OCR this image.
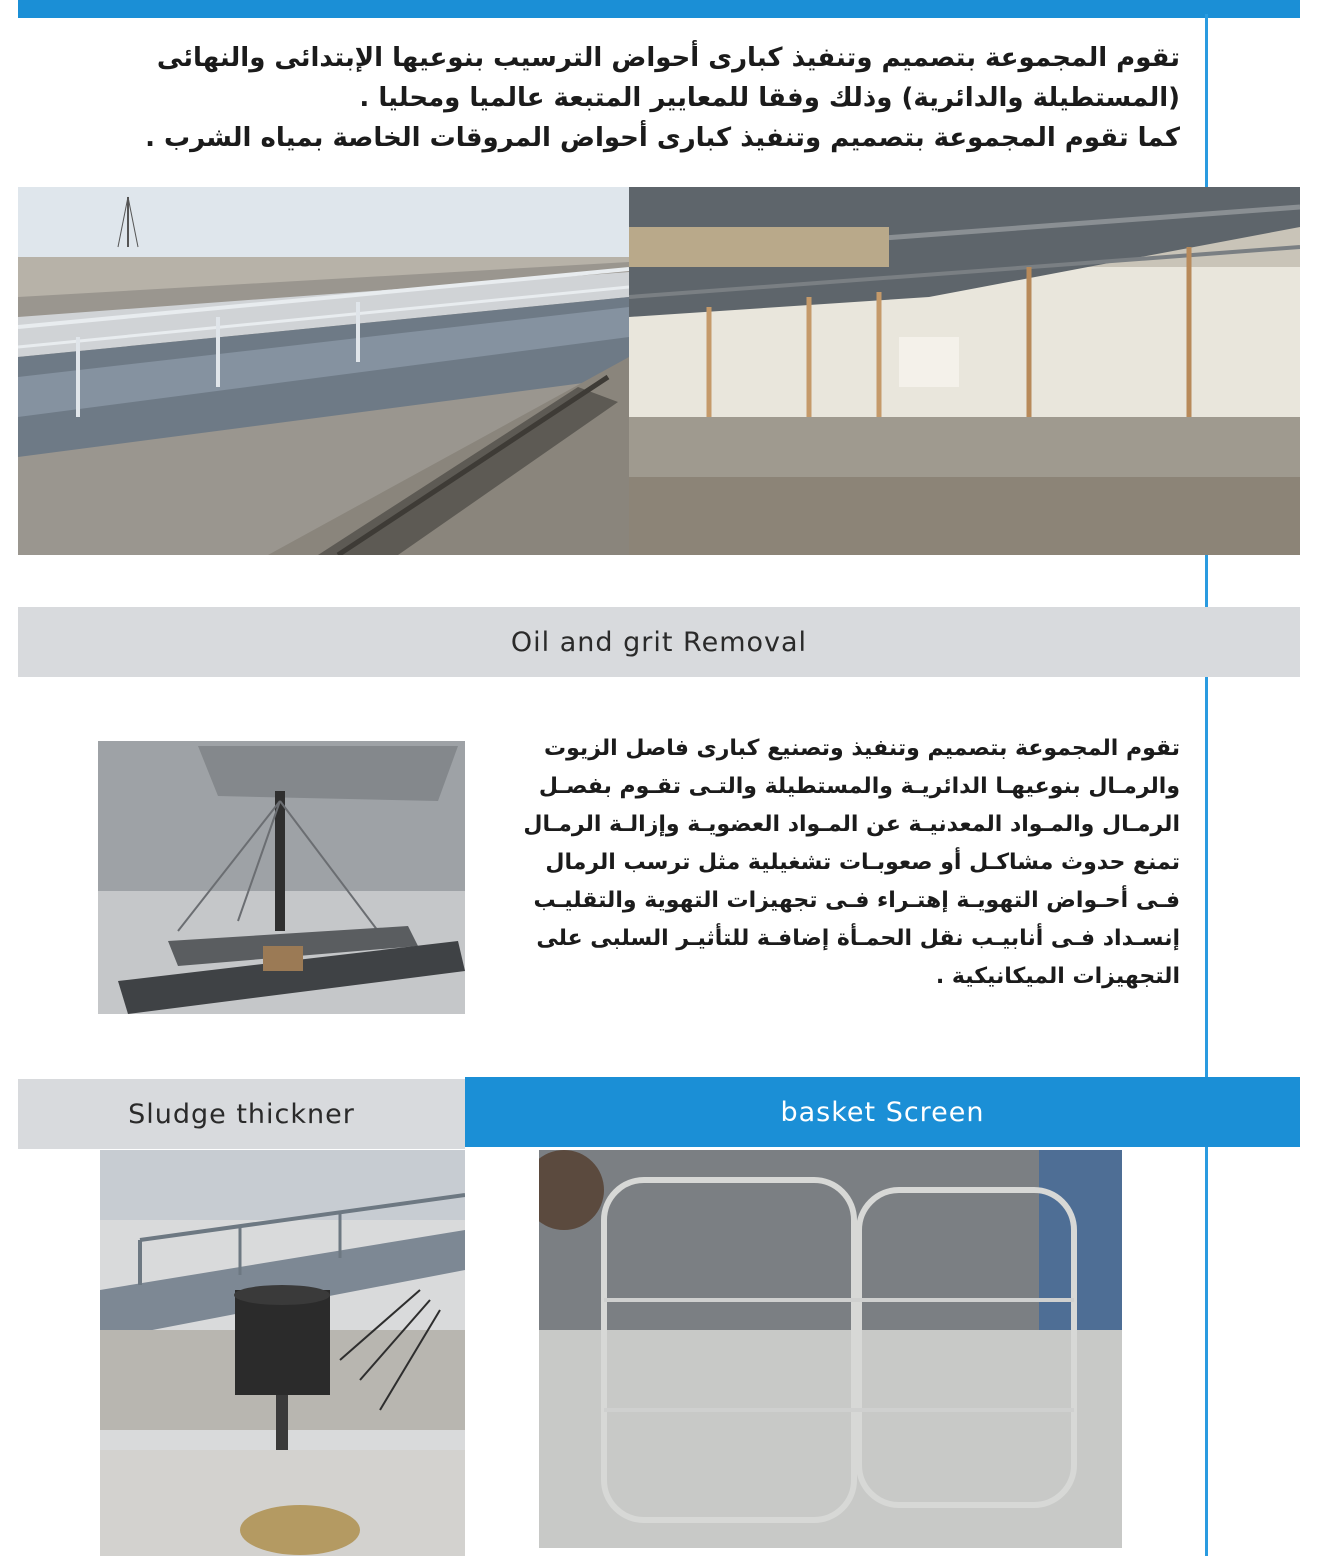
تقوم المجموعة بتصميم وتنفيذ كبارى أحواض الترسيب بنوعيها الإبتدائى والنهائى
(المستطيلة والدائرية) وذلك وفقا للمعايير المتبعة عالميا ومحليا .
كما تقوم المجموعة بتصميم وتنفيذ كبارى أحواض المروقات الخاصة بمياه الشرب .
Oil and grit Removal
تقوم المجموعة بتصميم وتنفيذ وتصنيع كبارى فاصل الزيوت
والرمـال بنوعيهـا الدائريـة والمستطيلة والتـى تقـوم بفصـل
الرمـال والمـواد المعدنيـة عن المـواد العضويـة وإزالـة الرمـال
تمنع حدوث مشاكـل أو صعوبـات تشغيلية مثل ترسب الرمال
فـى أحـواض التهويـة إهتـراء فـى تجهيزات التهوية والتقليـب
إنسـداد فـى أنابيـب نقل الحمـأة إضافـة للتأثيـر السلبى على
التجهيزات الميكانيكية .
Sludge thickner	basket Screen
